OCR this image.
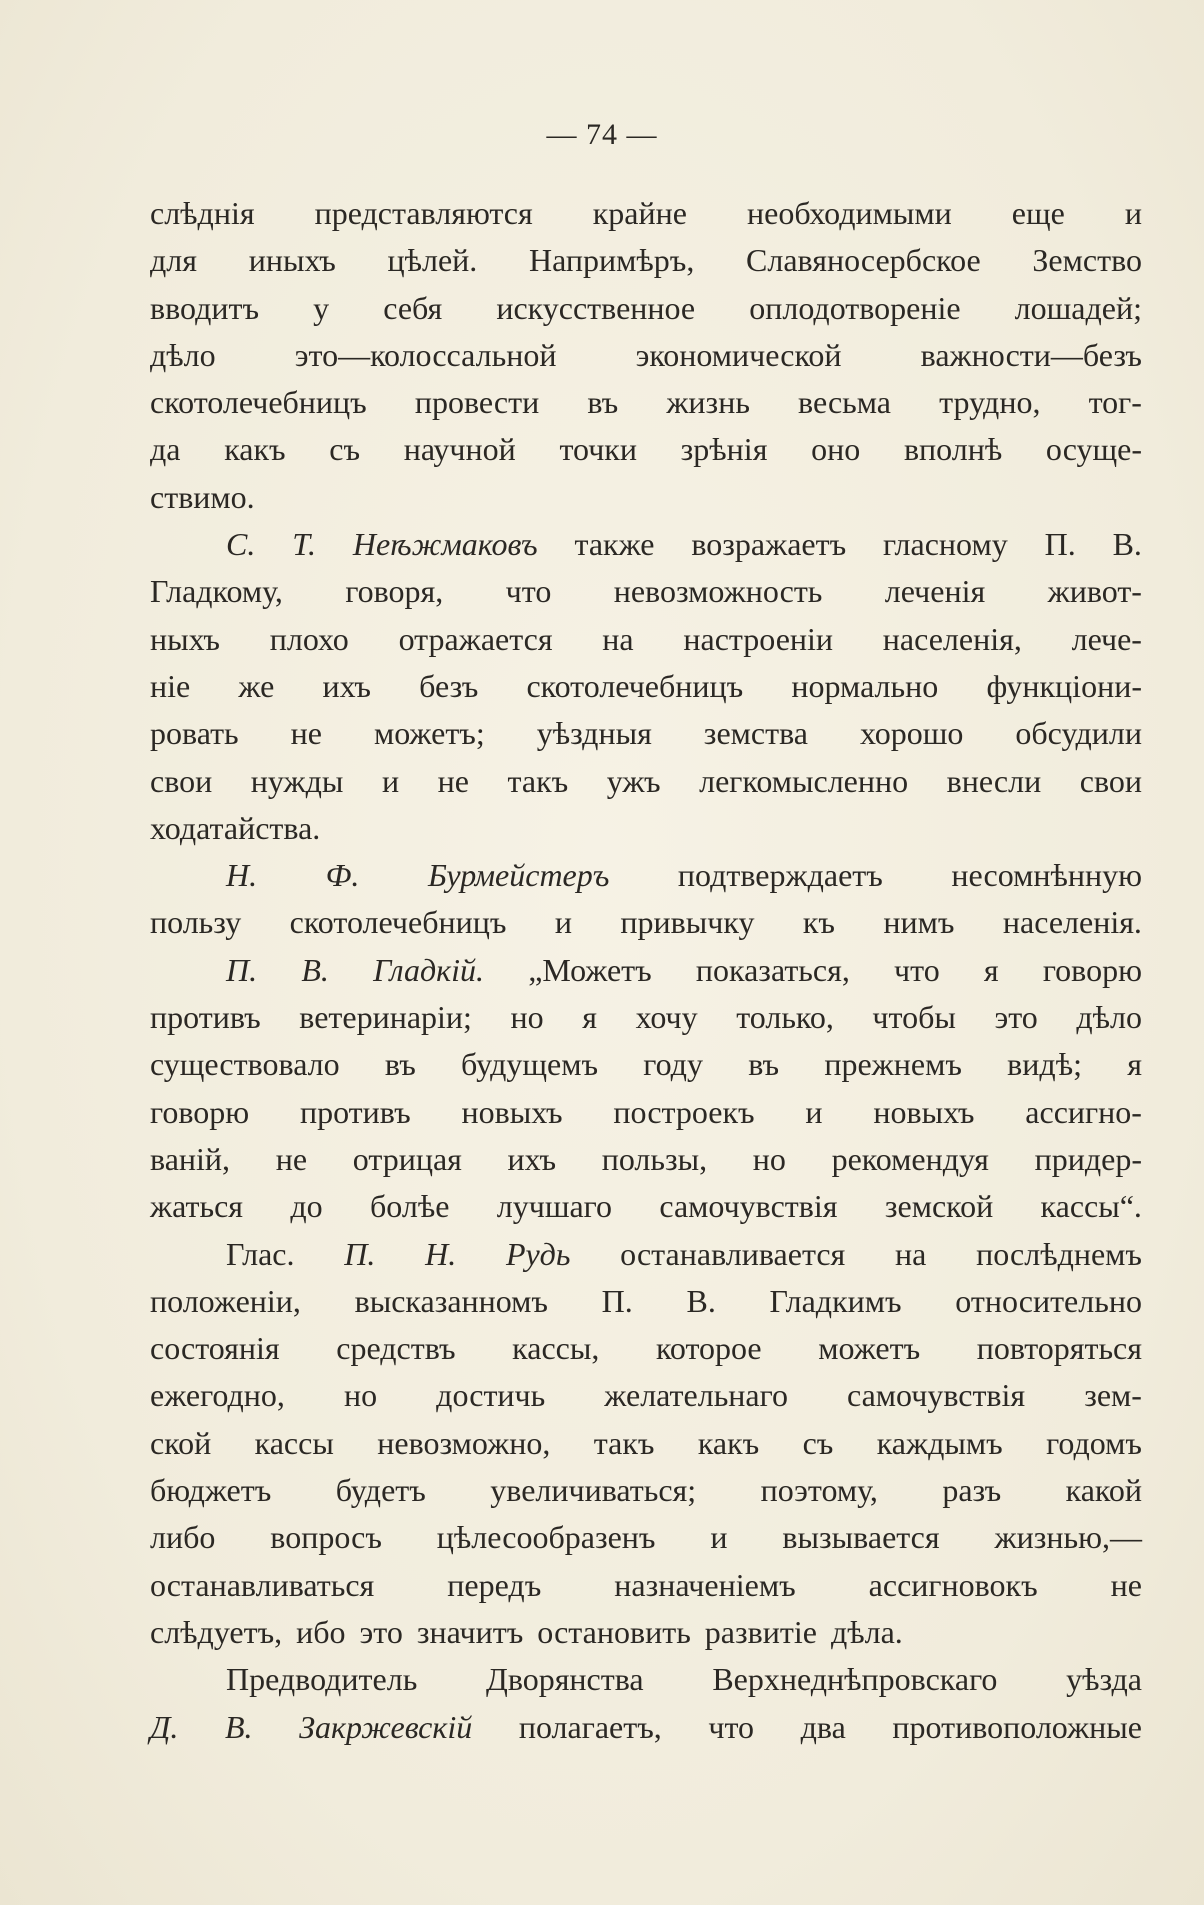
— 74 —
слѣднія представляются крайне необходимыми еще и
для иныхъ цѣлей. Напримѣръ, Славяносербское Земство
вводитъ у себя искусственное оплодотвореніе лошадей;
дѣло это—колоссальной экономической важности—безъ
скотолечебницъ провести въ жизнь весьма трудно, тог-
да какъ съ научной точки зрѣнія оно вполнѣ осуще-
ствимо.
С. Т. Неѣжмаковъ также возражаетъ гласному П. В.
Гладкому, говоря, что невозможность леченія живот-
ныхъ плохо отражается на настроеніи населенія, лече-
ніе же ихъ безъ скотолечебницъ нормально функціони-
ровать не можетъ; уѣздныя земства хорошо обсудили
свои нужды и не такъ ужъ легкомысленно внесли свои
ходатайства.
Н. Ф. Бурмейстеръ подтверждаетъ несомнѣнную
пользу скотолечебницъ и привычку къ нимъ населенія.
П. В. Гладкій. „Можетъ показаться, что я говорю
противъ ветеринаріи; но я хочу только, чтобы это дѣло
существовало въ будущемъ году въ прежнемъ видѣ; я
говорю противъ новыхъ построекъ и новыхъ ассигно-
ваній, не отрицая ихъ пользы, но рекомендуя придер-
жаться до болѣе лучшаго самочувствія земской кассы“.
Глас. П. Н. Рудь останавливается на послѣднемъ
положеніи, высказанномъ П. В. Гладкимъ относительно
состоянія средствъ кассы, которое можетъ повторяться
ежегодно, но достичь желательнаго самочувствія зем-
ской кассы невозможно, такъ какъ съ каждымъ годомъ
бюджетъ будетъ увеличиваться; поэтому, разъ какой
либо вопросъ цѣлесообразенъ и вызывается жизнью,—
останавливаться передъ назначеніемъ ассигновокъ не
слѣдуетъ, ибо это значитъ остановить развитіе дѣла.
Предводитель Дворянства Верхнеднѣпровскаго уѣзда
Д. В. Закржевскій полагаетъ, что два противоположные
